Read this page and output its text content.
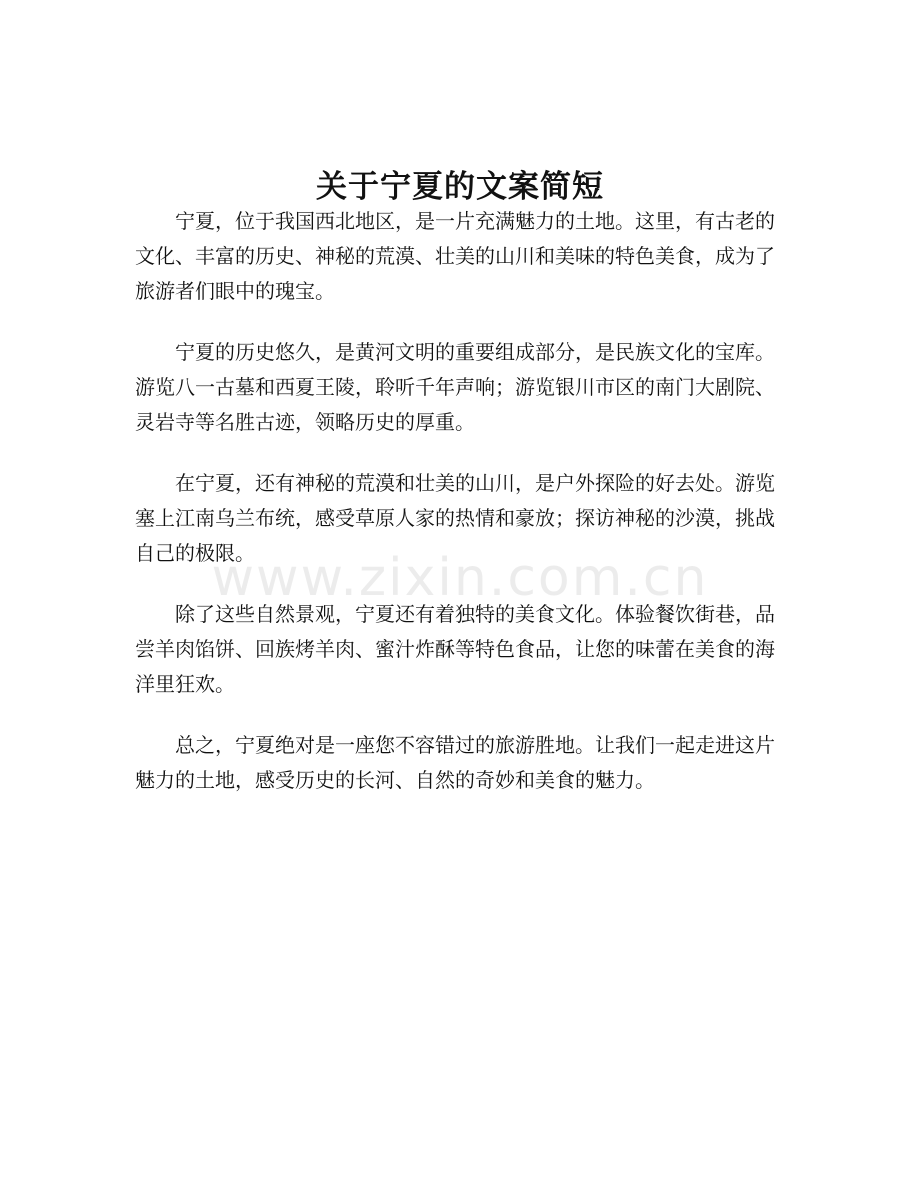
关于宁夏的文案简短

宁夏，位于我国西北地区，是一片充满魅力的土地。这里，有古老的文化、丰富的历史、神秘的荒漠、壮美的山川和美味的特色美食，成为了旅游者们眼中的瑰宝。

宁夏的历史悠久，是黄河文明的重要组成部分，是民族文化的宝库。游览八一古墓和西夏王陵，聆听千年声响；游览银川市区的南门大剧院、灵岩寺等名胜古迹，领略历史的厚重。

在宁夏，还有神秘的荒漠和壮美的山川，是户外探险的好去处。游览塞上江南乌兰布统，感受草原人家的热情和豪放；探访神秘的沙漠，挑战自己的极限。

除了这些自然景观，宁夏还有着独特的美食文化。体验餐饮街巷，品尝羊肉馅饼、回族烤羊肉、蜜汁炸酥等特色食品，让您的味蕾在美食的海洋里狂欢。

总之，宁夏绝对是一座您不容错过的旅游胜地。让我们一起走进这片魅力的土地，感受历史的长河、自然的奇妙和美食的魅力。

www.zixin.com.cn
